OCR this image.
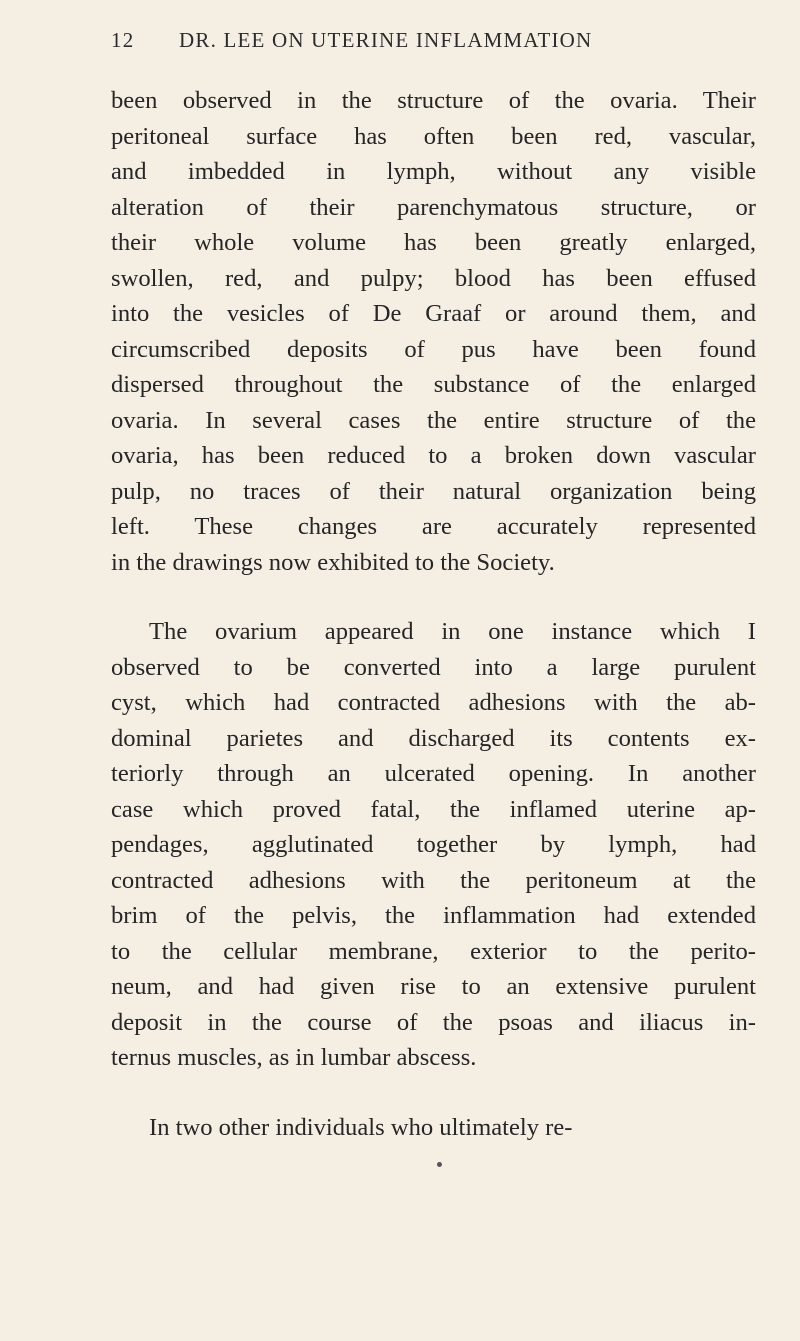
12 DR. LEE ON UTERINE INFLAMMATION
been observed in the structure of the ovaria. Their
peritoneal surface has often been red, vascular,
and imbedded in lymph, without any visible
alteration of their parenchymatous structure, or
their whole volume has been greatly enlarged,
swollen, red, and pulpy; blood has been effused
into the vesicles of De Graaf or around them, and
circumscribed deposits of pus have been found
dispersed throughout the substance of the enlarged
ovaria. In several cases the entire structure of the
ovaria, has been reduced to a broken down vascular
pulp, no traces of their natural organization being
left. These changes are accurately represented
in the drawings now exhibited to the Society.
The ovarium appeared in one instance which I
observed to be converted into a large purulent
cyst, which had contracted adhesions with the ab-
dominal parietes and discharged its contents ex-
teriorly through an ulcerated opening. In another
case which proved fatal, the inflamed uterine ap-
pendages, agglutinated together by lymph, had
contracted adhesions with the peritoneum at the
brim of the pelvis, the inflammation had extended
to the cellular membrane, exterior to the perito-
neum, and had given rise to an extensive purulent
deposit in the course of the psoas and iliacus in-
ternus muscles, as in lumbar abscess.
In two other individuals who ultimately re-
